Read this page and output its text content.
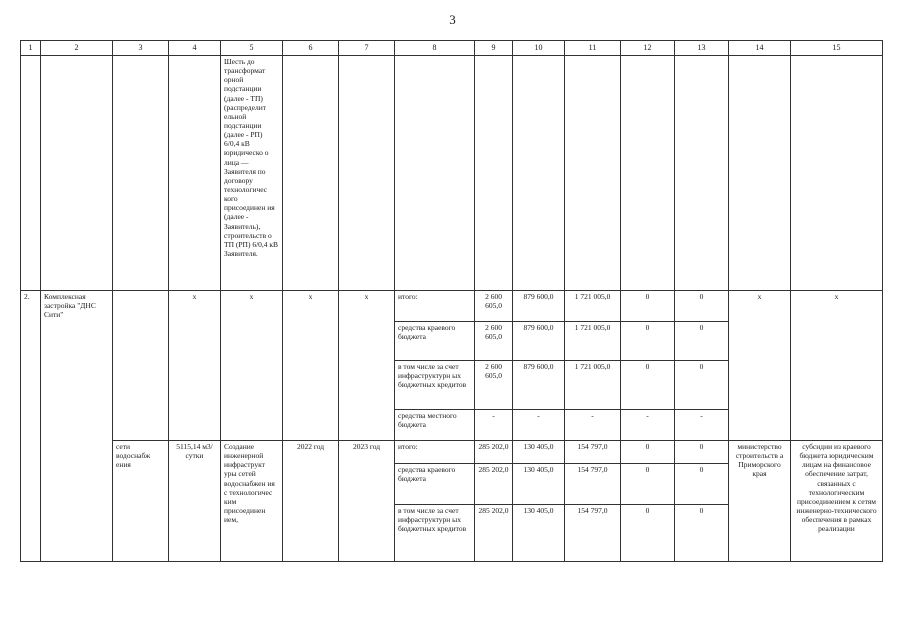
3
1	2	3	4	5	6	7	8	9	10	11	12	13	14	15
				Шесть до трансформат орной подстанции (далее - ТП) (распределит ельной подстанции (далее - РП) 6/0,4 кВ юридическо о лица — Заявителя по договору технологичес кого присоединен ия (далее - Заявитель), строительств о ТП (РП) 6/0,4 кВ Заявителя.										
2.	Комплексная застройка "ДНС Сити"		x	x	x	x	итого:	2 600 605,0	879 600,0	1 721 005,0	0	0	x	x
							средства краевого бюджета	2 600 605,0	879 600,0	1 721 005,0	0	0		
							в том числе за счет инфраструктурн ых бюджетных кредитов	2 600 605,0	879 600,0	1 721 005,0	0	0		
							средства местного бюджета	-	-	-	-	-		
		сети водоснабж ения	5115,14 м3/сутки	Создание инженерной инфраструкт уры сетей водоснабжен ия с технологичес ким присоединен ием,	2022 год	2023 год	итого:	285 202,0	130 405,0	154 797,0	0	0	министерство строительств а Приморского края	субсидии из краевого бюджета юридическим лицам на финансовое обеспечение затрат, связанных с технологическим присоединением к сетям инженерно-технического обеспечения в рамках реализации
							средства краевого бюджета	285 202,0	130 405,0	154 797,0	0	0		
							в том числе за счет инфраструктурн ых бюджетных кредитов	285 202,0	130 405,0	154 797,0	0	0		
